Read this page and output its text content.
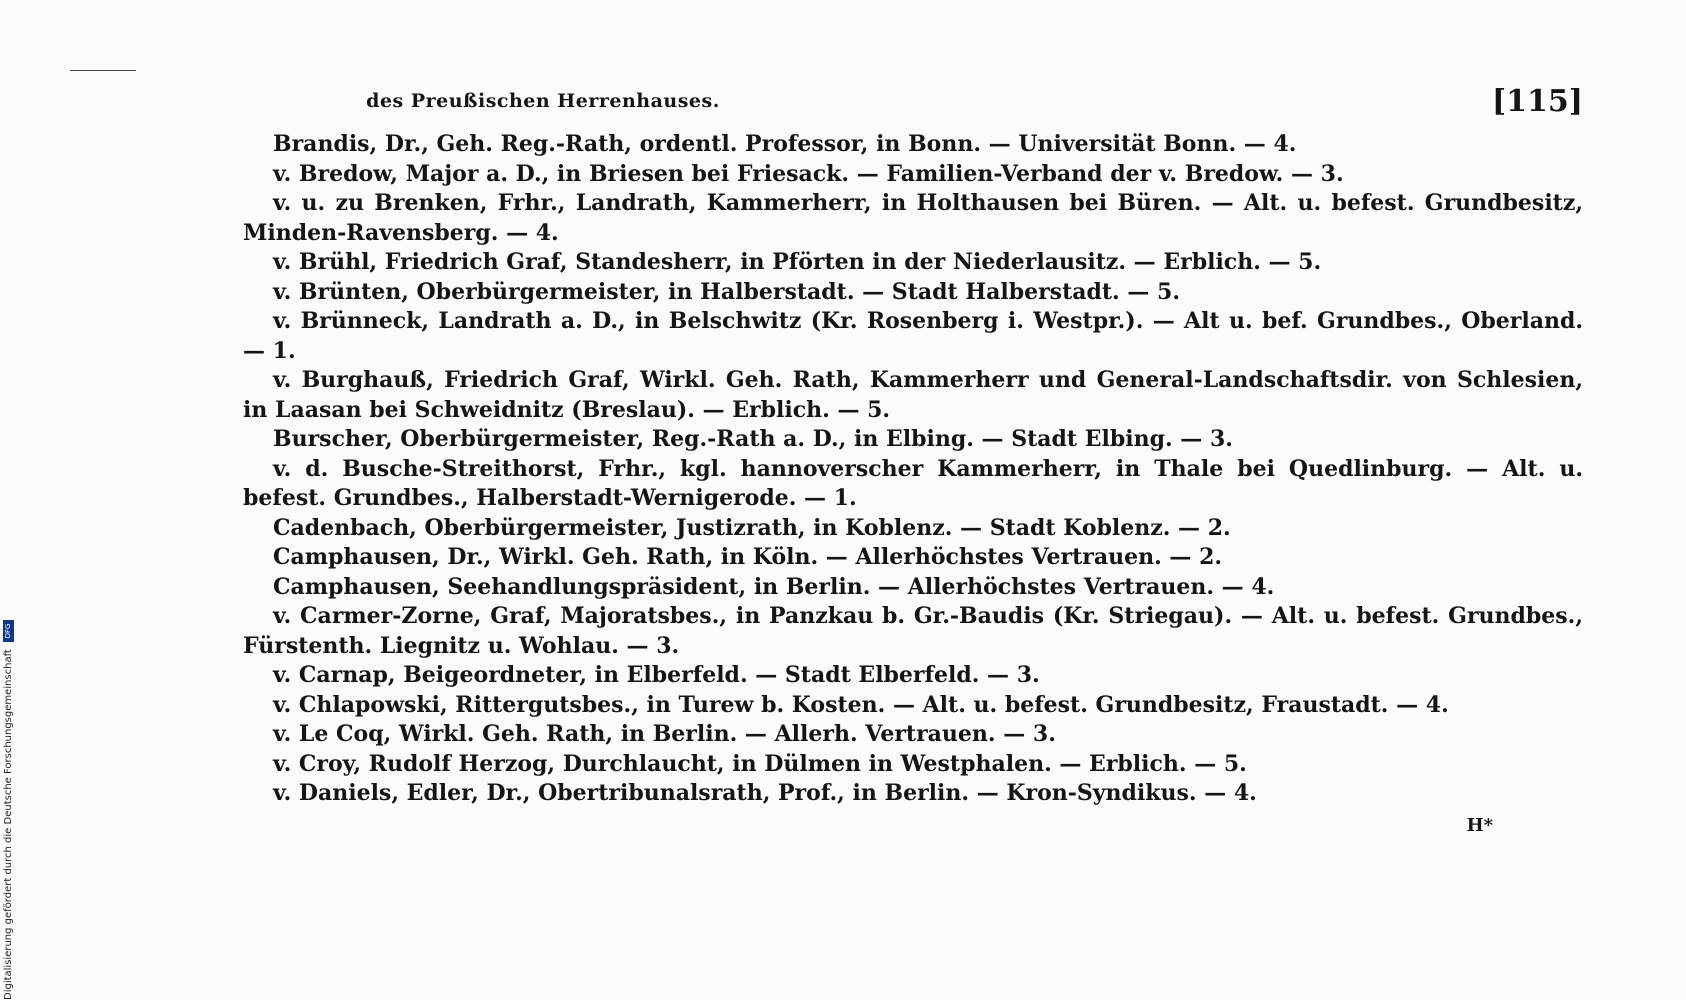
des Preußischen Herrenhauses.	[115]

Brandis, Dr., Geh. Reg.-Rath, ordentl. Professor, in Bonn. — Universität Bonn. — 4.

v. Bredow, Major a. D., in Briesen bei Friesack. — Familien-Verband der v. Bredow. — 3.

v. u. zu Brenken, Frhr., Landrath, Kammerherr, in Holthausen bei Büren. — Alt. u. befest. Grundbesitz, Minden-Ravensberg. — 4.

v. Brühl, Friedrich Graf, Standesherr, in Pförten in der Niederlausitz. — Erblich. — 5.

v. Brünten, Oberbürgermeister, in Halberstadt. — Stadt Halberstadt. — 5.

v. Brünneck, Landrath a. D., in Belschwitz (Kr. Rosenberg i. Westpr.). — Alt u. bef. Grundbes., Oberland. — 1.

v. Burghauß, Friedrich Graf, Wirkl. Geh. Rath, Kammerherr und General-Landschaftsdir. von Schlesien, in Laasan bei Schweidnitz (Breslau). — Erblich. — 5.

Burscher, Oberbürgermeister, Reg.-Rath a. D., in Elbing. — Stadt Elbing. — 3.

v. d. Busche-Streithorst, Frhr., kgl. hannoverscher Kammerherr, in Thale bei Quedlinburg. — Alt. u. befest. Grundbes., Halberstadt-Wernigerode. — 1.

Cadenbach, Oberbürgermeister, Justizrath, in Koblenz. — Stadt Koblenz. — 2.

Camphausen, Dr., Wirkl. Geh. Rath, in Köln. — Allerhöchstes Vertrauen. — 2.

Camphausen, Seehandlungspräsident, in Berlin. — Allerhöchstes Vertrauen. — 4.

v. Carmer-Zorne, Graf, Majoratsbes., in Panzkau b. Gr.-Baudis (Kr. Striegau). — Alt. u. befest. Grundbes., Fürstenth. Liegnitz u. Wohlau. — 3.

v. Carnap, Beigeordneter, in Elberfeld. — Stadt Elberfeld. — 3.

v. Chlapowski, Rittergutsbes., in Turew b. Kosten. — Alt. u. befest. Grundbesitz, Fraustadt. — 4.

v. Le Coq, Wirkl. Geh. Rath, in Berlin. — Allerh. Vertrauen. — 3.

v. Croy, Rudolf Herzog, Durchlaucht, in Dülmen in Westphalen. — Erblich. — 5.

v. Daniels, Edler, Dr., Obertribunalsrath, Prof., in Berlin. — Kron-Syndikus. — 4.

H*
Digitalisierung gefördert durch die Deutsche Forschungsgemeinschaft DFG
